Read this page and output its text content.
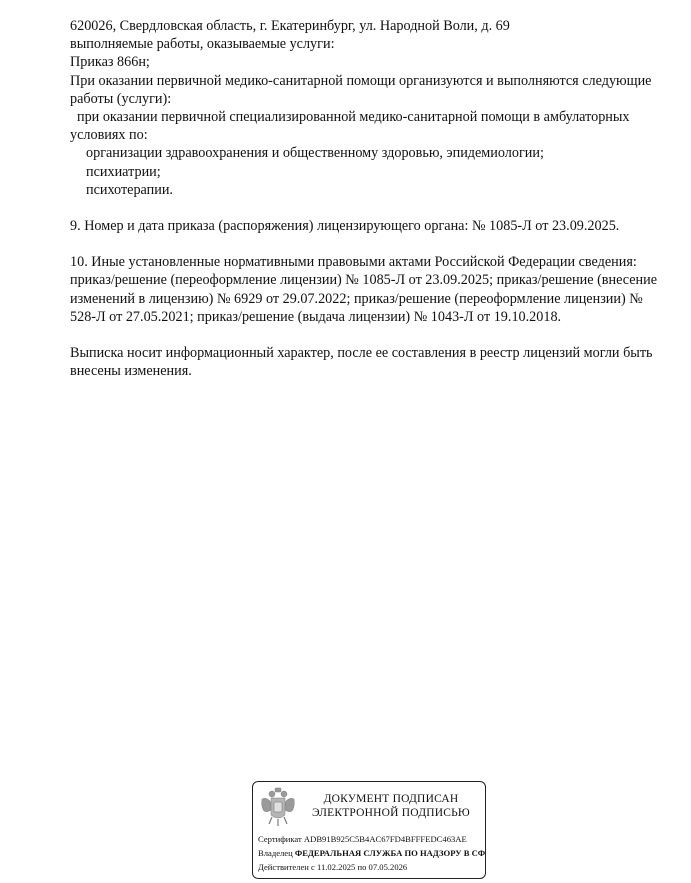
620026, Свердловская область, г. Екатеринбург, ул. Народной Воли, д. 69
выполняемые работы, оказываемые услуги:
Приказ 866н;
При оказании первичной медико-санитарной помощи организуются и выполняются следующие
работы (услуги):
при оказании первичной специализированной медико-санитарной помощи в амбулаторных
условиях по:
организации здравоохранения и общественному здоровью, эпидемиологии;
психиатрии;
психотерапии.
9. Номер и дата приказа (распоряжения) лицензирующего органа: № 1085-Л от 23.09.2025.
10. Иные установленные нормативными правовыми актами Российской Федерации сведения:
приказ/решение (переоформление лицензии) № 1085-Л от 23.09.2025; приказ/решение (внесение
изменений в лицензию) № 6929 от 29.07.2022; приказ/решение (переоформление лицензии) №
528-Л от 27.05.2021; приказ/решение (выдача лицензии) № 1043-Л от 19.10.2018.
Выписка носит информационный характер, после ее составления в реестр лицензий могли быть
внесены изменения.
ДОКУМЕНТ ПОДПИСАН
ЭЛЕКТРОННОЙ ПОДПИСЬЮ
Сертификат ADB91B925C5B4AC67FD4BFFFEDC463AE
Владелец ФЕДЕРАЛЬНАЯ СЛУЖБА ПО НАДЗОРУ В СФ
Действителен с 11.02.2025 по 07.05.2026
